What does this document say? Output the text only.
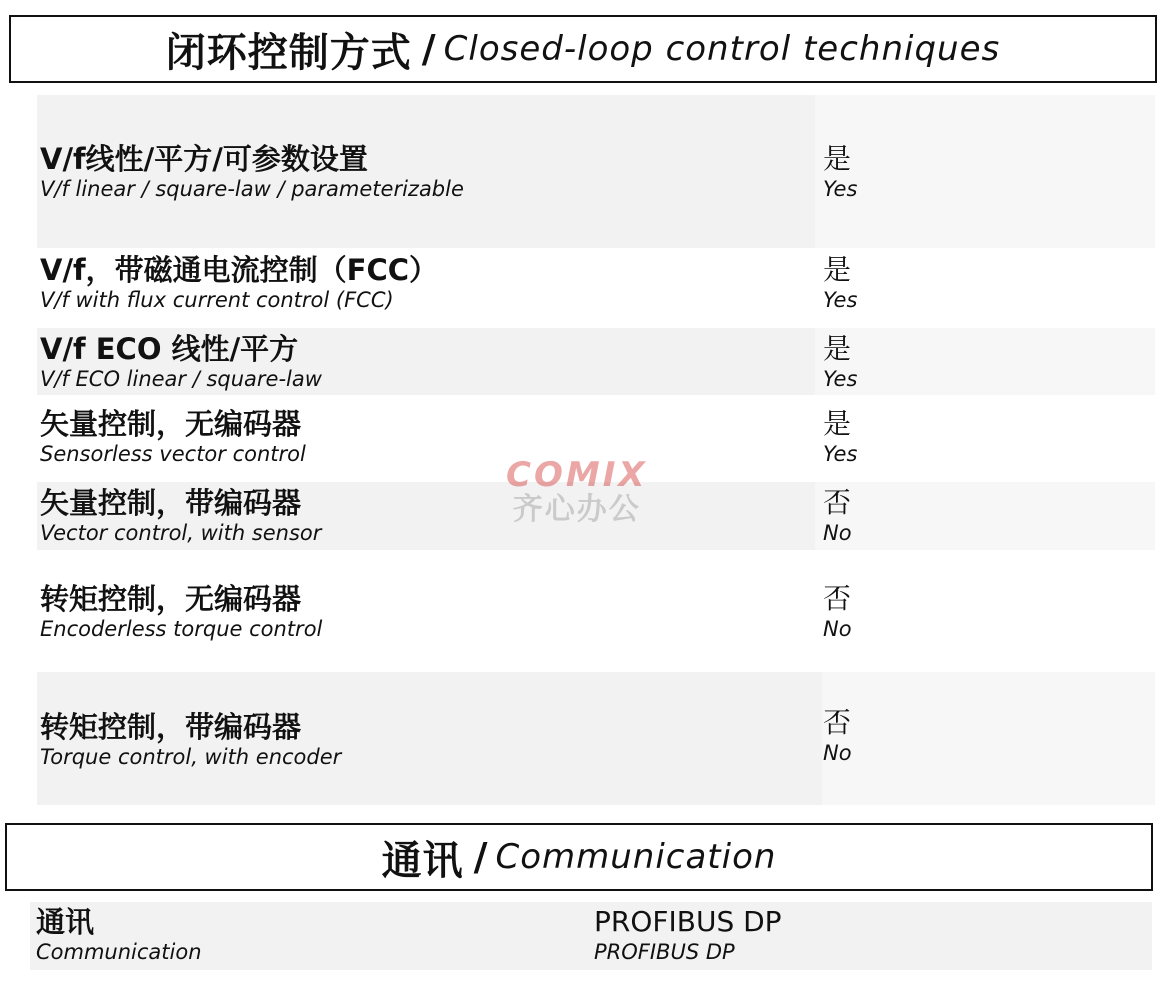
闭环控制方式 / Closed-loop control techniques
V/f线性/平方/可参数设置
V/f linear / square-law / parameterizable
是
Yes
V/f，带磁通电流控制（FCC）
V/f with flux current control (FCC)
是
Yes
V/f ECO 线性/平方
V/f ECO linear / square-law
是
Yes
矢量控制，无编码器
Sensorless vector control
是
Yes
矢量控制，带编码器
Vector control, with sensor
否
No
转矩控制，无编码器
Encoderless torque control
否
No
转矩控制，带编码器
Torque control, with encoder
否
No
COMIX
齐心办公
通讯 / Communication
通讯
Communication
PROFIBUS DP
PROFIBUS DP
